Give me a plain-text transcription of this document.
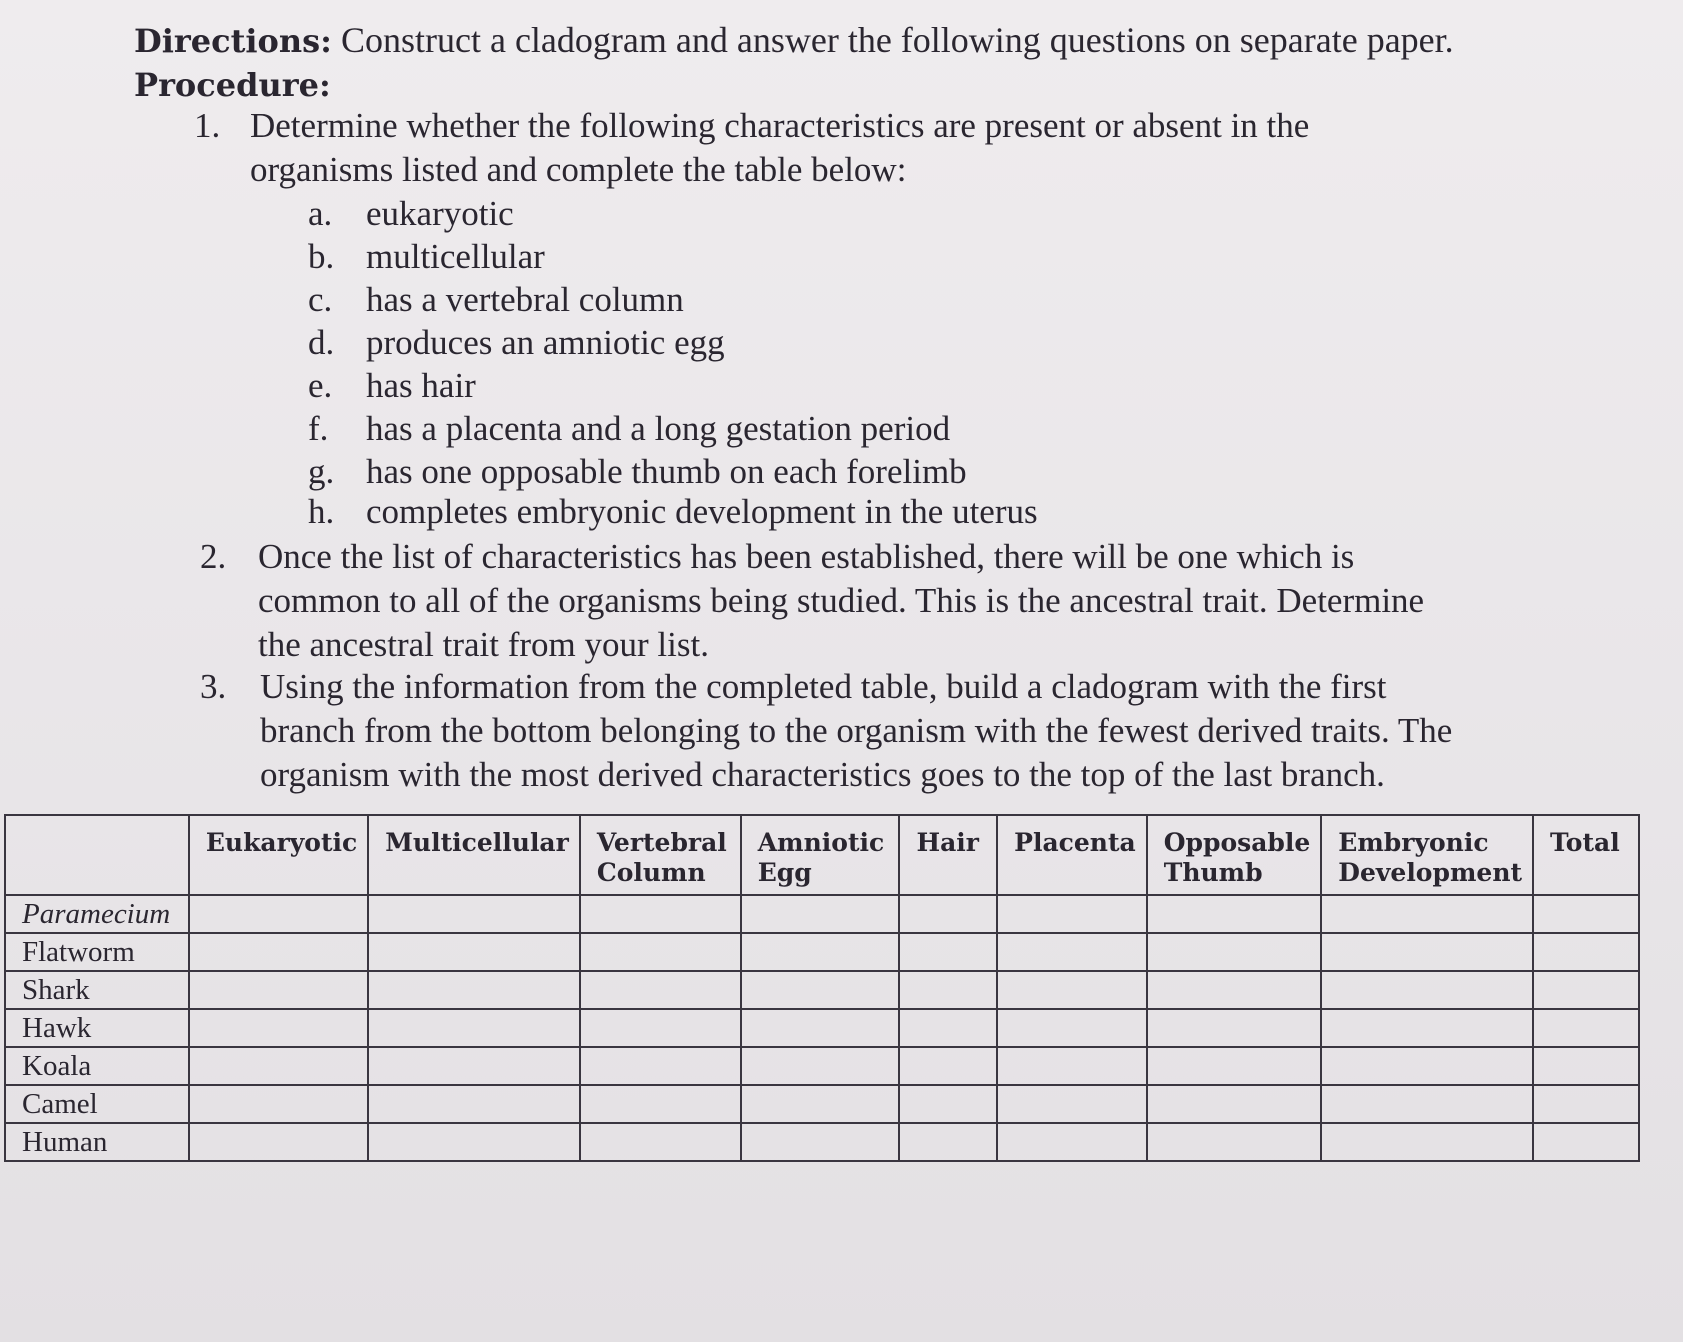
Directions: Construct a cladogram and answer the following questions on separate paper.
Procedure:
1. Determine whether the following characteristics are present or absent in the organisms listed and complete the table below:
a. eukaryotic
b. multicellular
c. has a vertebral column
d. produces an amniotic egg
e. has hair
f. has a placenta and a long gestation period
g. has one opposable thumb on each forelimb
h. completes embryonic development in the uterus
2. Once the list of characteristics has been established, there will be one which is common to all of the organisms being studied. This is the ancestral trait. Determine the ancestral trait from your list.
3. Using the information from the completed table, build a cladogram with the first branch from the bottom belonging to the organism with the fewest derived traits. The organism with the most derived characteristics goes to the top of the last branch.
	Eukaryotic	Multicellular	Vertebral Column	Amniotic Egg	Hair	Placenta	Opposable Thumb	Embryonic Development	Total
Paramecium									
Flatworm									
Shark									
Hawk									
Koala									
Camel									
Human									
